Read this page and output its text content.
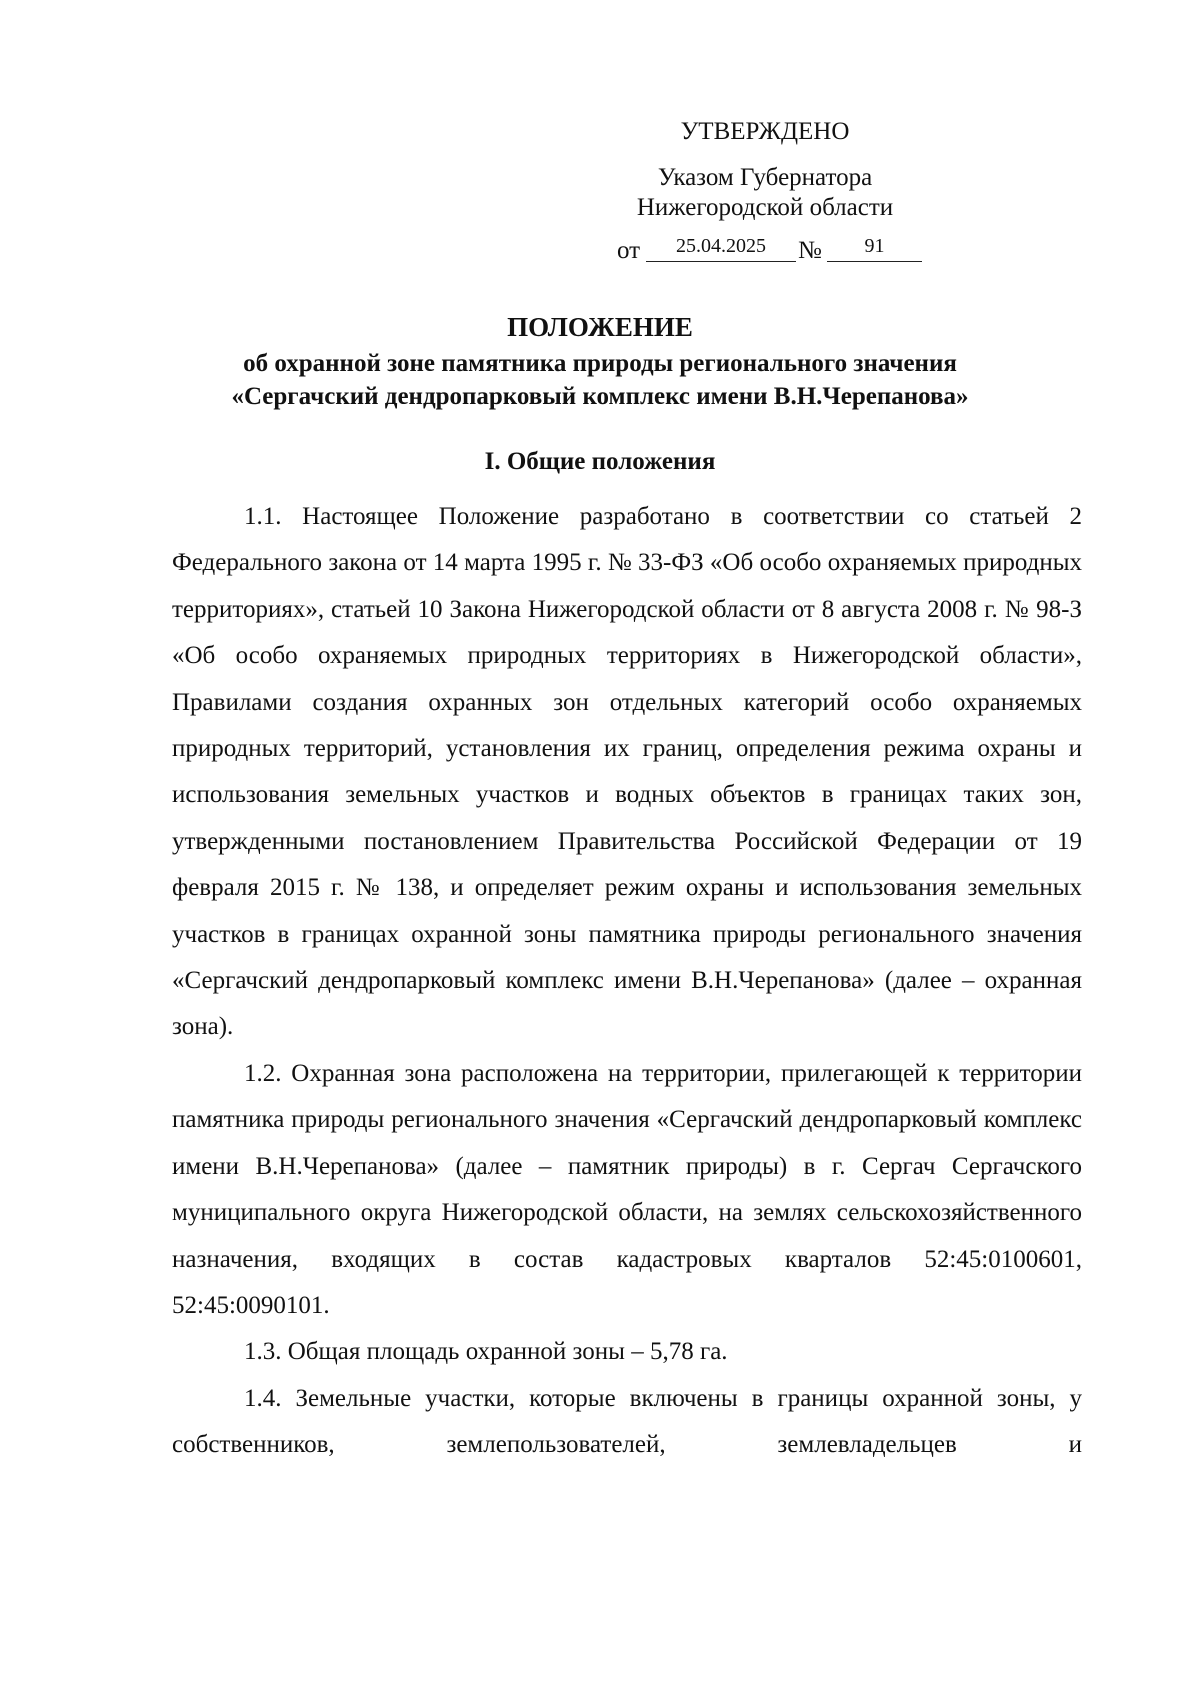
УТВЕРЖДЕНО
Указом Губернатора
Нижегородской области
от	25.04.2025	№	91
ПОЛОЖЕНИЕ
об охранной зоне памятника природы регионального значения
«Сергачский дендропарковый комплекс имени В.Н.Черепанова»
I. Общие положения

1.1. Настоящее Положение разработано в соответствии со статьей 2 Федерального закона от 14 марта 1995 г. № 33-ФЗ «Об особо охраняемых природных территориях», статьей 10 Закона Нижегородской области от 8 августа 2008 г. № 98-З «Об особо охраняемых природных территориях в Нижегородской области», Правилами создания охранных зон отдельных категорий особо охраняемых природных территорий, установления их границ, определения режима охраны и использования земельных участков и водных объектов в границах таких зон, утвержденными постановлением Правительства Российской Федерации от 19 февраля 2015 г. № 138, и определяет режим охраны и использования земельных участков в границах охранной зоны памятника природы регионального значения «Сергачский дендропарковый комплекс имени В.Н.Черепанова» (далее – охранная зона).

1.2. Охранная зона расположена на территории, прилегающей к территории памятника природы регионального значения «Сергачский дендропарковый комплекс имени В.Н.Черепанова» (далее – памятник природы) в г. Сергач Сергачского муниципального округа Нижегородской области, на землях сельскохозяйственного назначения, входящих в состав кадастровых кварталов 52:45:0100601, 52:45:0090101.

1.3. Общая площадь охранной зоны – 5,78 га.

1.4. Земельные участки, которые включены в границы охранной зоны, у собственников, землепользователей, землевладельцев и
